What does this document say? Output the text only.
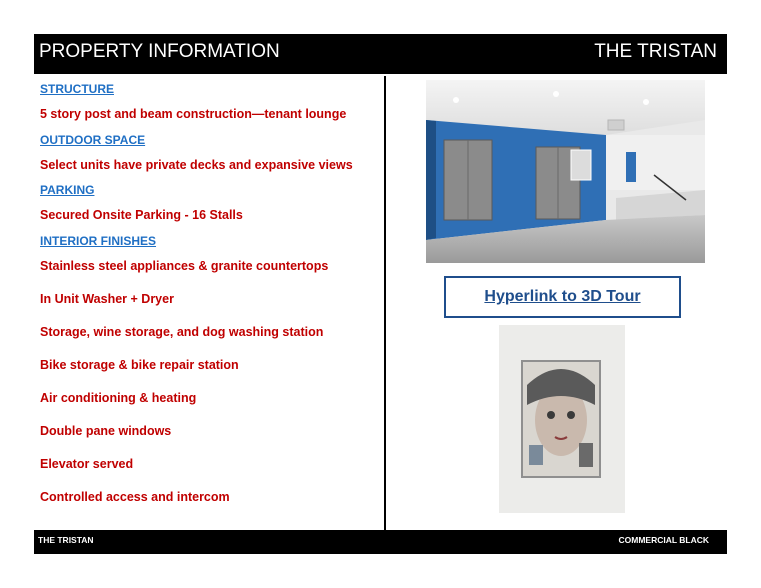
PROPERTY INFORMATION	THE TRISTAN
STRUCTURE
5 story post and beam construction—tenant lounge
OUTDOOR SPACE
Select units have private decks and expansive views
PARKING
Secured Onsite Parking - 16 Stalls
INTERIOR FINISHES
Stainless steel appliances & granite countertops
In Unit Washer + Dryer
Storage, wine storage, and dog washing station
Bike storage & bike repair station
Air conditioning & heating
Double pane windows
Elevator served
Controlled access and intercom
Hyperlink to 3D Tour
THE TRISTAN	COMMERCIAL BLACK
